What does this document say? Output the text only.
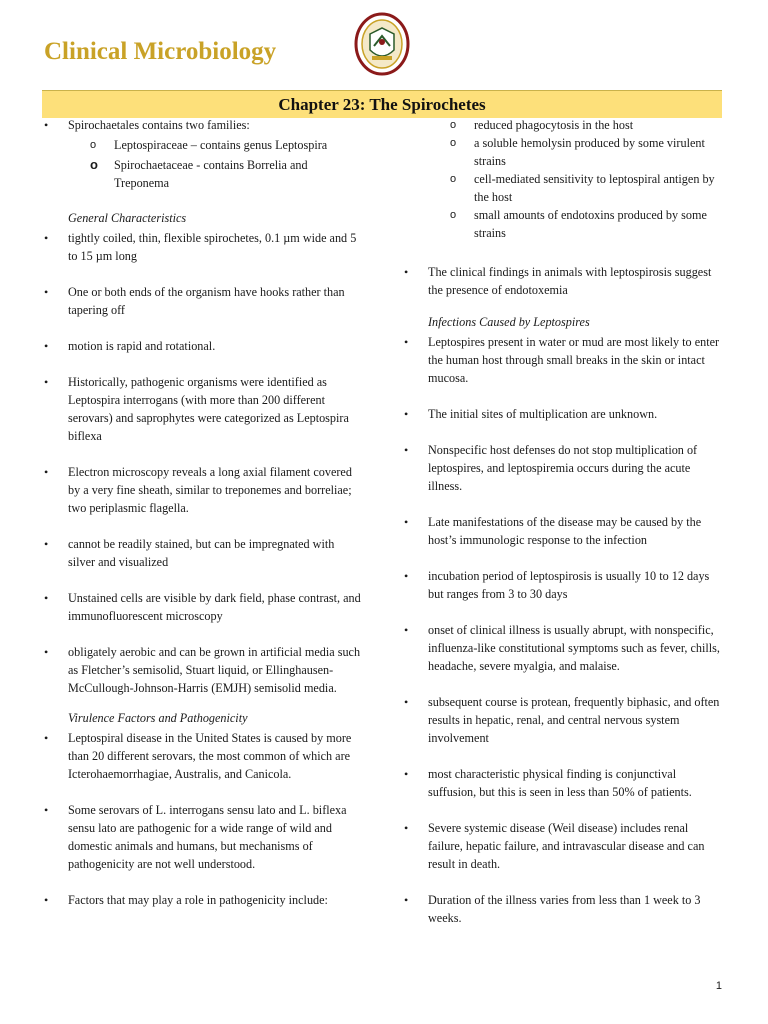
Clinical Microbiology
Chapter 23: The Spirochetes
• Spirochaetales contains two families:
o Leptospiraceae – contains genus Leptospira
o Spirochaetaceae - contains Borrelia and Treponema
General Characteristics
• tightly coiled, thin, flexible spirochetes, 0.1 µm wide and 5 to 15 µm long
• One or both ends of the organism have hooks rather than tapering off
• motion is rapid and rotational.
• Historically, pathogenic organisms were identified as Leptospira interrogans (with more than 200 different serovars) and saprophytes were categorized as Leptospira biflexa
• Electron microscopy reveals a long axial filament covered by a very fine sheath, similar to treponemes and borreliae; two periplasmic flagella.
• cannot be readily stained, but can be impregnated with silver and visualized
• Unstained cells are visible by dark field, phase contrast, and immunofluorescent microscopy
• obligately aerobic and can be grown in artificial media such as Fletcher’s semisolid, Stuart liquid, or Ellinghausen-McCullough-Johnson-Harris (EMJH) semisolid media.
Virulence Factors and Pathogenicity
• Leptospiral disease in the United States is caused by more than 20 different serovars, the most common of which are Icterohaemorrhagiae, Australis, and Canicola.
• Some serovars of L. interrogans sensu lato and L. biflexa sensu lato are pathogenic for a wide range of wild and domestic animals and humans, but mechanisms of pathogenicity are not well understood.
• Factors that may play a role in pathogenicity include:
o reduced phagocytosis in the host
o a soluble hemolysin produced by some virulent strains
o cell-mediated sensitivity to leptospiral antigen by the host
o small amounts of endotoxins produced by some strains
• The clinical findings in animals with leptospirosis suggest the presence of endotoxemia
Infections Caused by Leptospires
• Leptospires present in water or mud are most likely to enter the human host through small breaks in the skin or intact mucosa.
• The initial sites of multiplication are unknown.
• Nonspecific host defenses do not stop multiplication of leptospires, and leptospiremia occurs during the acute illness.
• Late manifestations of the disease may be caused by the host’s immunologic response to the infection
• incubation period of leptospirosis is usually 10 to 12 days but ranges from 3 to 30 days
• onset of clinical illness is usually abrupt, with nonspecific, influenza-like constitutional symptoms such as fever, chills, headache, severe myalgia, and malaise.
• subsequent course is protean, frequently biphasic, and often results in hepatic, renal, and central nervous system involvement
• most characteristic physical finding is conjunctival suffusion, but this is seen in less than 50% of patients.
• Severe systemic disease (Weil disease) includes renal failure, hepatic failure, and intravascular disease and can result in death.
• Duration of the illness varies from less than 1 week to 3 weeks.
1
